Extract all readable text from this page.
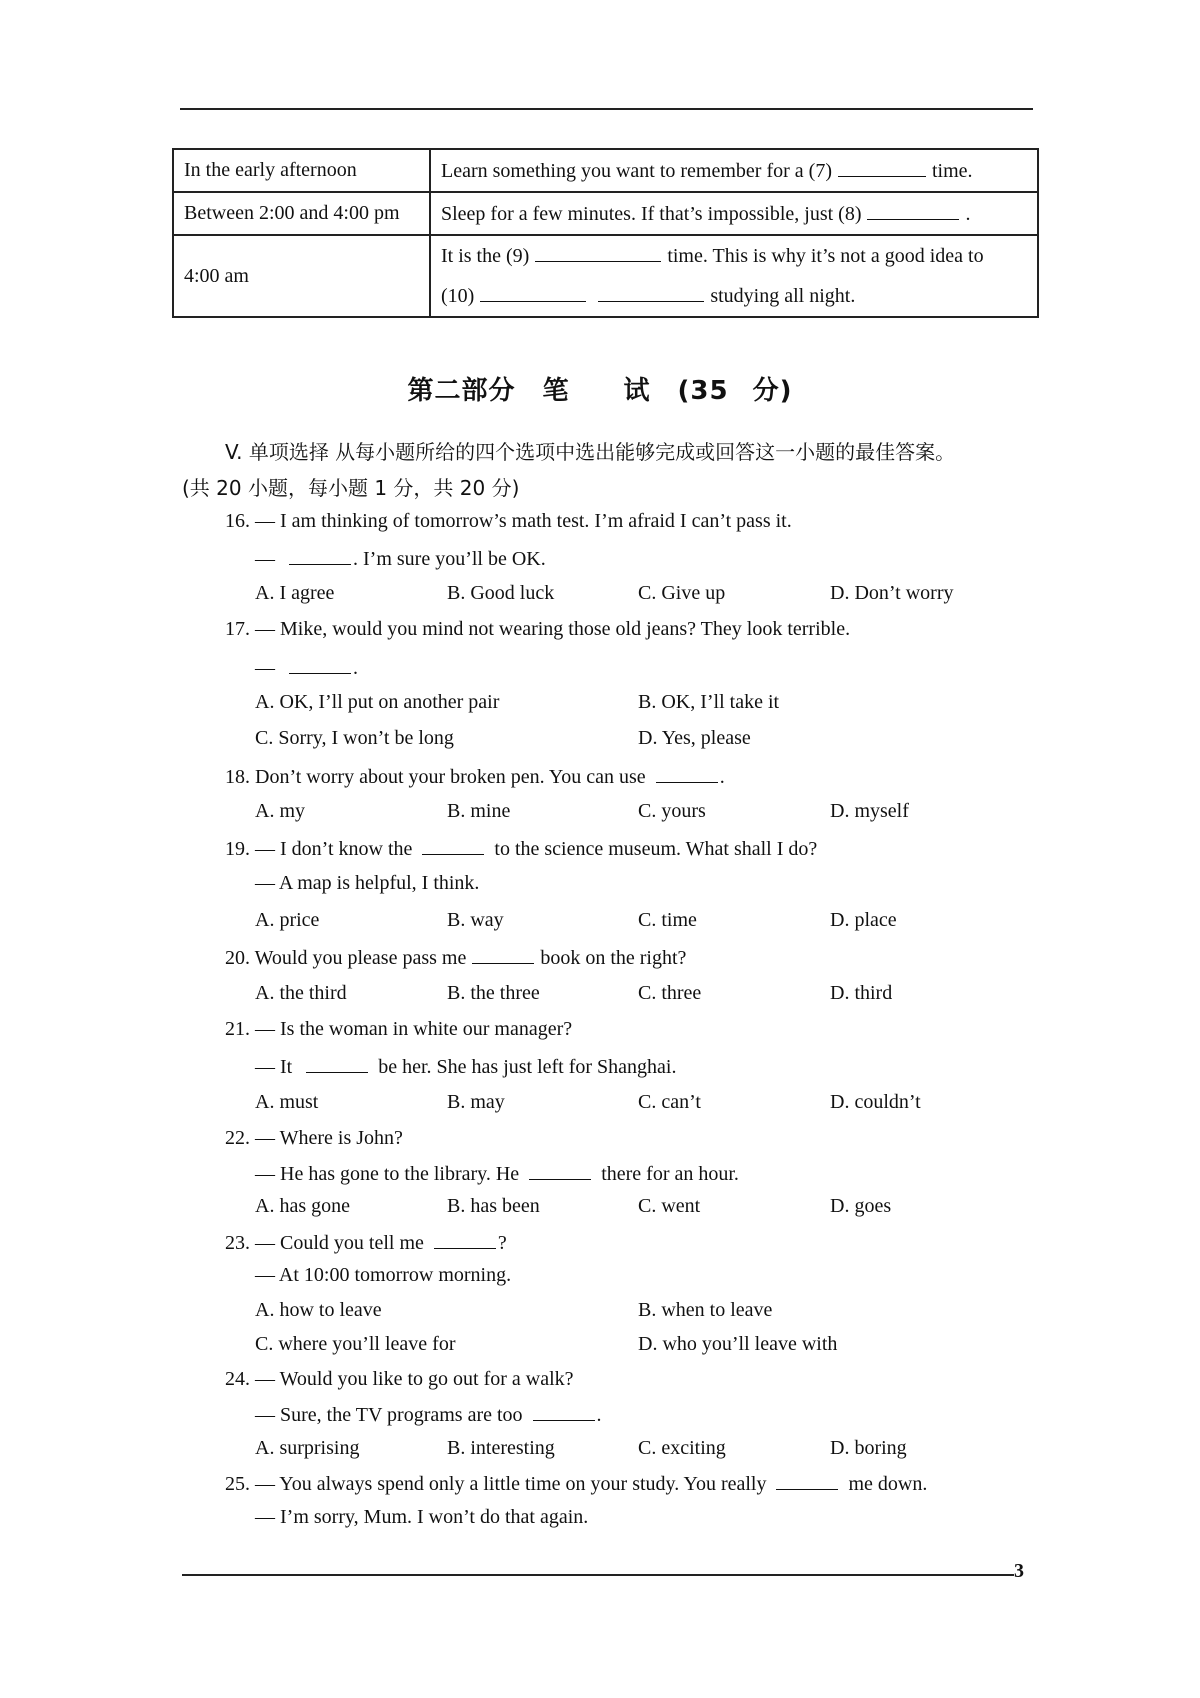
In the early afternoon	Learn something you want to remember for a (7) time.
Between 2:00 and 4:00 pm	Sleep for a few minutes. If that’s impossible, just (8) .
4:00 am	It is the (9) time. This is why it’s not a good idea to
(10) studying all night.
第二部分　笔　　试　(35 分)
V. 单项选择 从每小题所给的四个选项中选出能够完成或回答这一小题的最佳答案。
(共 20 小题，每小题 1 分，共 20 分)
16. — I am thinking of tomorrow’s math test. I’m afraid I can’t pass it.
—	. I’m sure you’ll be OK.
A. I agree	B. Good luck	C. Give up	D. Don’t worry
17. — Mike, would you mind not wearing those old jeans? They look terrible.
—	.
A. OK, I’ll put on another pair	B. OK, I’ll take it
C. Sorry, I won’t be long	D. Yes, please
18. Don’t worry about your broken pen. You can use	.
A. my	B. mine	C. yours	D. myself
19. — I don’t know the	to the science museum. What shall I do?
— A map is helpful, I think.
A. price	B. way	C. time	D. place
20. Would you please pass me	book on the right?
A. the third	B. the three	C. three	D. third
21. — Is the woman in white our manager?
— It	be her. She has just left for Shanghai.
A. must	B. may	C. can’t	D. couldn’t
22. — Where is John?
— He has gone to the library. He	there for an hour.
A. has gone	B. has been	C. went	D. goes
23. — Could you tell me	?
— At 10:00 tomorrow morning.
A. how to leave	B. when to leave
C. where you’ll leave for	D. who you’ll leave with
24. — Would you like to go out for a walk?
— Sure, the TV programs are too	.
A. surprising	B. interesting	C. exciting	D. boring
25. — You always spend only a little time on your study. You really	me down.
— I’m sorry, Mum. I won’t do that again.
3
